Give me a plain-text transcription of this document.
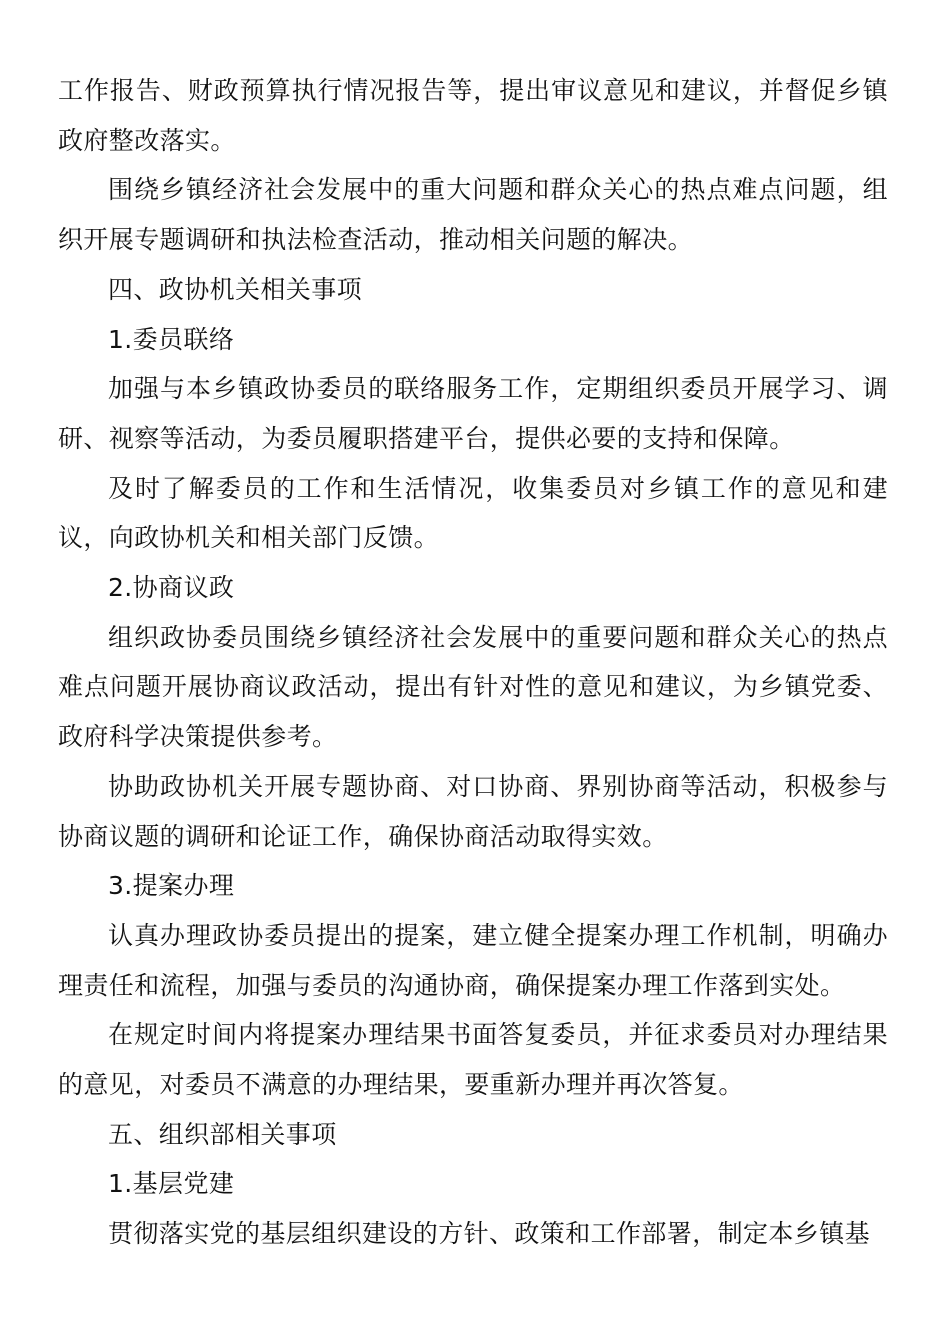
工作报告、财政预算执行情况报告等，提出审议意见和建议，并督促乡镇政府整改落实。

围绕乡镇经济社会发展中的重大问题和群众关心的热点难点问题，组织开展专题调研和执法检查活动，推动相关问题的解决。

四、政协机关相关事项

1.委员联络

加强与本乡镇政协委员的联络服务工作，定期组织委员开展学习、调研、视察等活动，为委员履职搭建平台，提供必要的支持和保障。

及时了解委员的工作和生活情况，收集委员对乡镇工作的意见和建议，向政协机关和相关部门反馈。

2.协商议政

组织政协委员围绕乡镇经济社会发展中的重要问题和群众关心的热点难点问题开展协商议政活动，提出有针对性的意见和建议，为乡镇党委、政府科学决策提供参考。

协助政协机关开展专题协商、对口协商、界别协商等活动，积极参与协商议题的调研和论证工作，确保协商活动取得实效。

3.提案办理

认真办理政协委员提出的提案，建立健全提案办理工作机制，明确办理责任和流程，加强与委员的沟通协商，确保提案办理工作落到实处。

在规定时间内将提案办理结果书面答复委员，并征求委员对办理结果的意见，对委员不满意的办理结果，要重新办理并再次答复。

五、组织部相关事项

1.基层党建

贯彻落实党的基层组织建设的方针、政策和工作部署，制定本乡镇基
